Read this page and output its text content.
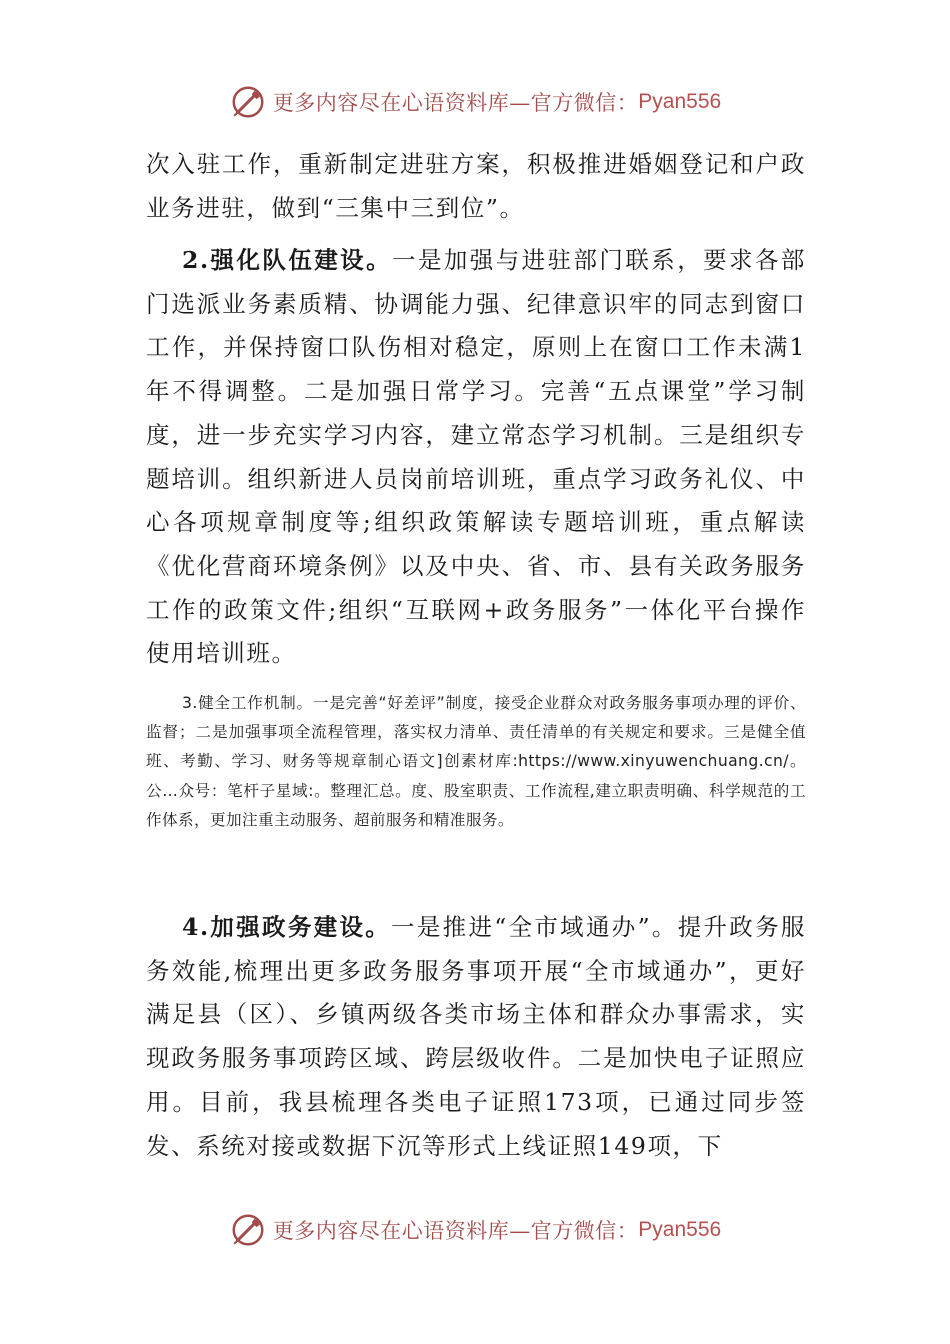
更多内容尽在心语资料库—官方微信： Pyan556

次入驻工作，重新制定进驻方案，积极推进婚姻登记和户政业务进驻，做到“三集中三到位”。

2.强化队伍建设。一是加强与进驻部门联系，要求各部门选派业务素质精、协调能力强、纪律意识牢的同志到窗口工作，并保持窗口队伤相对稳定，原则上在窗口工作未满1年不得调整。二是加强日常学习。完善“五点课堂”学习制度，进一步充实学习内容，建立常态学习机制。三是组织专题培训。组织新进人员岗前培训班，重点学习政务礼仪、中心各项规章制度等;组织政策解读专题培训班，重点解读《优化营商环境条例》以及中央、省、市、县有关政务服务工作的政策文件;组织“互联网+政务服务”一体化平台操作使用培训班。

3.健全工作机制。一是完善“好差评”制度，接受企业群众对政务服务事项办理的评价、监督；二是加强事项全流程管理，落实权力清单、责任清单的有关规定和要求。三是健全值班、考勤、学习、财务等规章制心语文]创素材库:https://www.xinyuwenchuang.cn/。公…众号：笔杆子星域:。整理汇总。度、股室职责、工作流程,建立职责明确、科学规范的工作体系，更加注重主动服务、超前服务和精准服务。

4.加强政务建设。一是推进“全市域通办”。提升政务服务效能,梳理出更多政务服务事项开展“全市域通办”，更好满足县（区）、乡镇两级各类市场主体和群众办事需求，实现政务服务事项跨区域、跨层级收件。二是加快电子证照应用。目前，我县梳理各类电子证照173项，已通过同步签发、系统对接或数据下沉等形式上线证照149项，下

更多内容尽在心语资料库—官方微信： Pyan556
